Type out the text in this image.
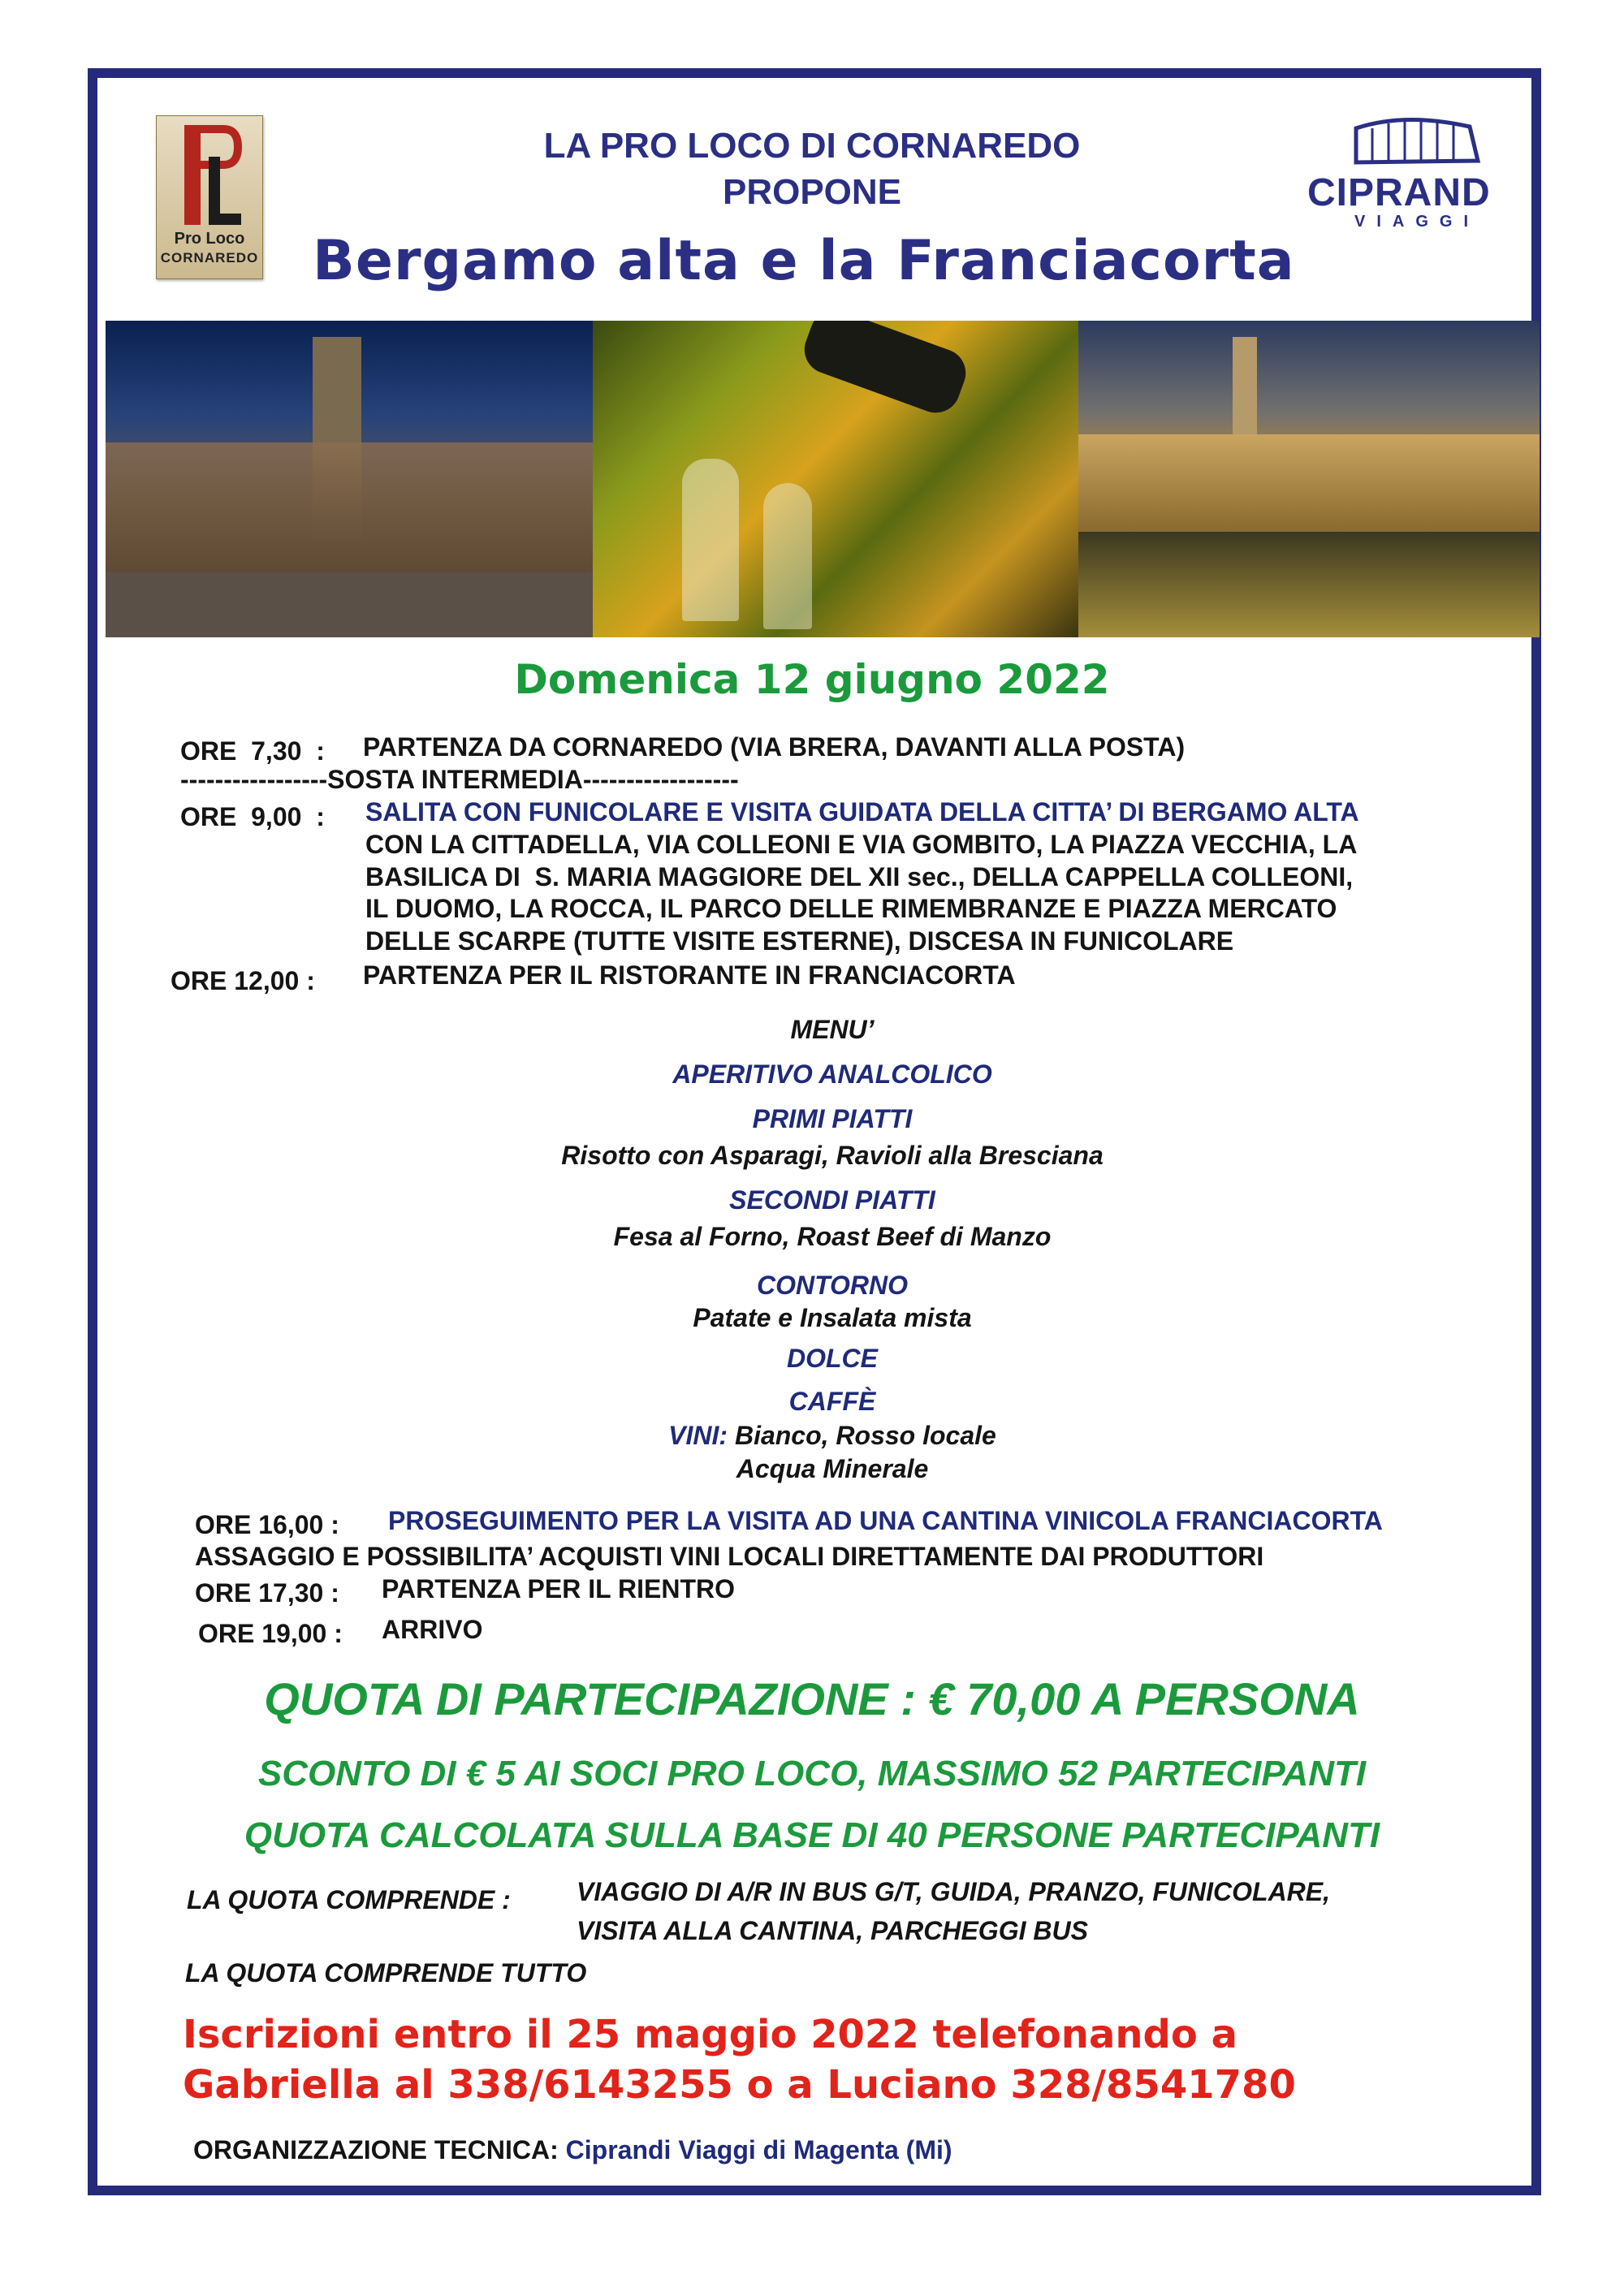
Pro Loco
CORNAREDO
LA PRO LOCO DI CORNAREDO
PROPONE
Bergamo alta e la Franciacorta
CIPRAND
VIAGGI
Domenica 12 giugno 2022
ORE  7,30  : PARTENZA DA CORNAREDO (VIA BRERA, DAVANTI ALLA POSTA)
-----------------SOSTA INTERMEDIA------------------
ORE  9,00  : SALITA CON FUNICOLARE E VISITA GUIDATA DELLA CITTA’ DI BERGAMO ALTA
CON LA CITTADELLA, VIA COLLEONI E VIA GOMBITO, LA PIAZZA VECCHIA, LA
BASILICA DI  S. MARIA MAGGIORE DEL XII sec., DELLA CAPPELLA COLLEONI,
IL DUOMO, LA ROCCA, IL PARCO DELLE RIMEMBRANZE E PIAZZA MERCATO
DELLE SCARPE (TUTTE VISITE ESTERNE), DISCESA IN FUNICOLARE
ORE 12,00 : PARTENZA PER IL RISTORANTE IN FRANCIACORTA
MENU’
APERITIVO ANALCOLICO
PRIMI PIATTI
Risotto con Asparagi, Ravioli alla Bresciana
SECONDI PIATTI
Fesa al Forno, Roast Beef di Manzo
CONTORNO
Patate e Insalata mista
DOLCE
CAFFÈ
VINI: Bianco, Rosso locale
Acqua Minerale
ORE 16,00 : PROSEGUIMENTO PER LA VISITA AD UNA CANTINA VINICOLA FRANCIACORTA
ASSAGGIO E POSSIBILITA’ ACQUISTI VINI LOCALI DIRETTAMENTE DAI PRODUTTORI
ORE 17,30 : PARTENZA PER IL RIENTRO
ORE 19,00 : ARRIVO
QUOTA DI PARTECIPAZIONE : € 70,00 A PERSONA
SCONTO DI € 5 AI SOCI PRO LOCO, MASSIMO 52 PARTECIPANTI
QUOTA CALCOLATA SULLA BASE DI 40 PERSONE PARTECIPANTI
LA QUOTA COMPRENDE :	VIAGGIO DI A/R IN BUS G/T, GUIDA, PRANZO, FUNICOLARE,
VISITA ALLA CANTINA, PARCHEGGI BUS
LA QUOTA COMPRENDE TUTTO
Iscrizioni entro il 25 maggio 2022 telefonando a
Gabriella al 338/6143255 o a Luciano 328/8541780
ORGANIZZAZIONE TECNICA: Ciprandi Viaggi di Magenta (Mi)
